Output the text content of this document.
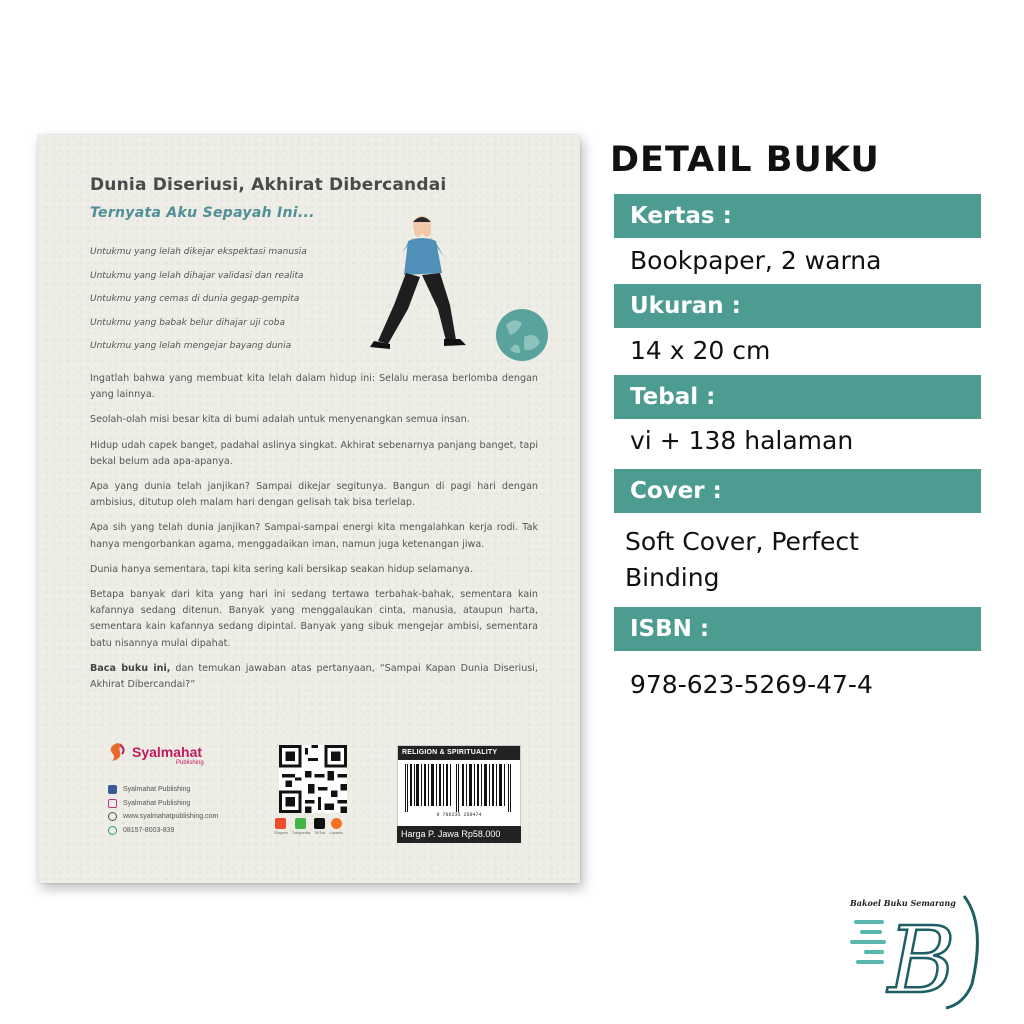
Dunia Diseriusi, Akhirat Dibercandai
Ternyata Aku Sepayah Ini...
Untukmu yang lelah dikejar ekspektasi manusia
Untukmu yang lelah dihajar validasi dan realita
Untukmu yang cemas di dunia gegap-gempita
Untukmu yang babak belur dihajar uji coba
Untukmu yang lelah mengejar bayang dunia

Ingatlah bahwa yang membuat kita lelah dalam hidup ini: Selalu merasa berlomba dengan yang lainnya.

Seolah-olah misi besar kita di bumi adalah untuk menyenangkan semua insan.

Hidup udah capek banget, padahal aslinya singkat. Akhirat sebenarnya panjang banget, tapi bekal belum ada apa-apanya.

Apa yang dunia telah janjikan? Sampai dikejar segitunya. Bangun di pagi hari dengan ambisius, ditutup oleh malam hari dengan gelisah tak bisa terlelap.

Apa sih yang telah dunia janjikan? Sampai-sampai energi kita mengalahkan kerja rodi. Tak hanya mengorbankan agama, menggadaikan iman, namun juga ketenangan jiwa.

Dunia hanya sementara, tapi kita sering kali bersikap seakan hidup selamanya.

Betapa banyak dari kita yang hari ini sedang tertawa terbahak-bahak, sementara kain kafannya sedang ditenun. Banyak yang menggalaukan cinta, manusia, ataupun harta, sementara kain kafannya sedang dipintal. Banyak yang sibuk mengejar ambisi, sementara batu nisannya mulai dipahat.

Baca buku ini, dan temukan jawaban atas pertanyaan, “Sampai Kapan Dunia Diseriusi, Akhirat Dibercandai?”

Syalmahat
Publishing
Syalmahat Publishing
Syalmahat Publishing
www.syalmahatpublishing.com
08157-8003-839	Shopee Tokopedia TikTok Lazada
RELIGION & SPIRITUALITY
9 786235 269474
Harga P. Jawa Rp58.000
DETAIL BUKU
Kertas :
Bookpaper, 2 warna
Ukuran :
14 x 20 cm
Tebal :
vi + 138 halaman
Cover :
Soft Cover, Perfect
Binding
ISBN :
978-623-5269-47-4
Bakoel Buku Semarang
B
